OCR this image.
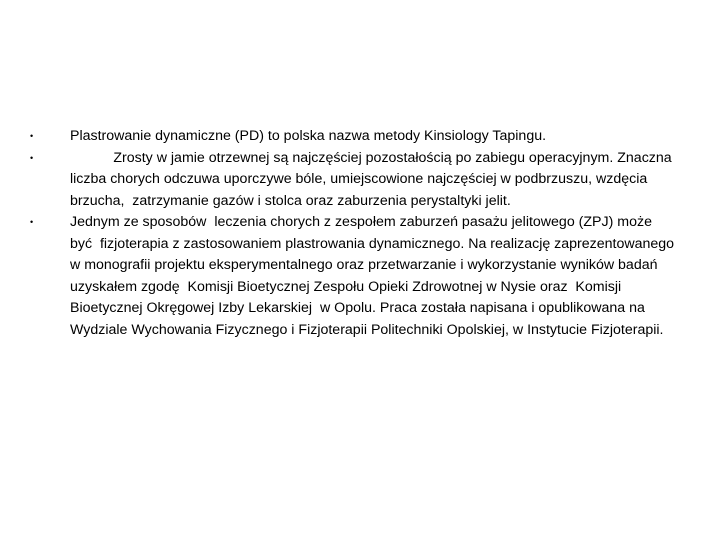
•	Plastrowanie dynamiczne (PD) to polska nazwa metody Kinsiology Tapingu.
•	Zrosty w jamie otrzewnej są najczęściej pozostałością po zabiegu operacyjnym. Znaczna liczba chorych odczuwa uporczywe bóle, umiejscowione najczęściej w podbrzuszu, wzdęcia brzucha,  zatrzymanie gazów i stolca oraz zaburzenia perystaltyki jelit.
•	Jednym ze sposobów  leczenia chorych z zespołem zaburzeń pasażu jelitowego (ZPJ) może być  fizjoterapia z zastosowaniem plastrowania dynamicznego. Na realizację zaprezentowanego w monografii projektu eksperymentalnego oraz przetwarzanie i wykorzystanie wyników badań uzyskałem zgodę  Komisji Bioetycznej Zespołu Opieki Zdrowotnej w Nysie oraz  Komisji  Bioetycznej Okręgowej Izby Lekarskiej  w Opolu. Praca została napisana i opublikowana na Wydziale Wychowania Fizycznego i Fizjoterapii Politechniki Opolskiej, w Instytucie Fizjoterapii.
